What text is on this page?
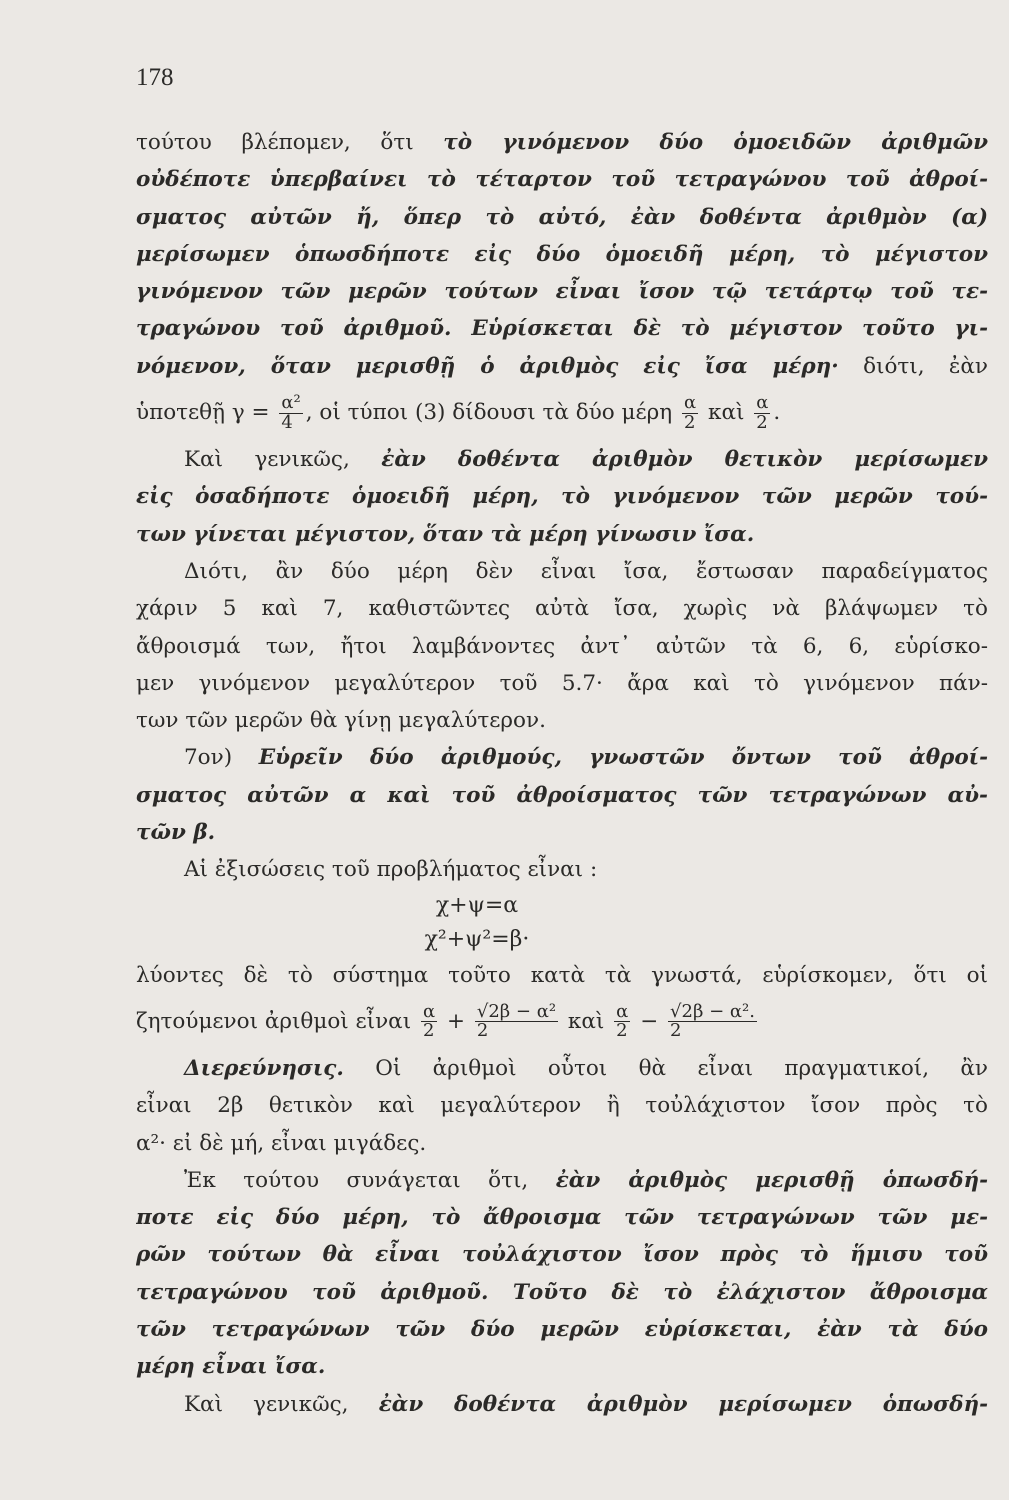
178
τούτου βλέπομεν, ὅτι τὸ γινόμενον δύο ὁμοειδῶν ἀριθμῶν
οὐδέποτε ὑπερβαίνει τὸ τέταρτον τοῦ τετραγώνου τοῦ ἀθροί-
σματος αὐτῶν ἤ, ὅπερ τὸ αὐτό, ἐὰν δοθέντα ἀριθμὸν (α)
μερίσωμεν ὁπωσδήποτε εἰς δύο ὁμοειδῆ μέρη, τὸ μέγιστον
γινόμενον τῶν μερῶν τούτων εἶναι ἴσον τῷ τετάρτῳ τοῦ τε-
τραγώνου τοῦ ἀριθμοῦ. Εὑρίσκεται δὲ τὸ μέγιστον τοῦτο γι-
νόμενον, ὅταν μερισθῇ ὁ ἀριθμὸς εἰς ἴσα μέρη· διότι, ἐὰν
ὑποτεθῇ $\gamma = \frac{\text{α²}}{4}$ , οἱ τύποι (3) δίδουσι τὰ δύο μέρη $\frac{\alpha}{2}$ καὶ $\frac{\alpha}{2}$ .
Καὶ γενικῶς, ἐὰν δοθέντα ἀριθμὸν θετικὸν μερίσωμεν
εἰς ὁσαδήποτε ὁμοειδῆ μέρη, τὸ γινόμενον τῶν μερῶν τού-
των γίνεται μέγιστον, ὅταν τὰ μέρη γίνωσιν ἴσα.
Διότι, ἂν δύο μέρη δὲν εἶναι ἴσα, ἔστωσαν παραδείγματος
χάριν 5 καὶ 7, καθιστῶντες αὐτὰ ἴσα, χωρὶς νὰ βλάψωμεν τὸ
ἄθροισμά των, ἤτοι λαμβάνοντες ἀντ᾽ αὐτῶν τὰ 6, 6, εὑρίσκο-
μεν γινόμενον μεγαλύτερον τοῦ 5.7· ἄρα καὶ τὸ γινόμενον πάν-
των τῶν μερῶν θὰ γίνῃ μεγαλύτερον.
7ον) Εὑρεῖν δύο ἀριθμούς, γνωστῶν ὄντων τοῦ ἀθροί-
σματος αὐτῶν α καὶ τοῦ ἀθροίσματος τῶν τετραγώνων αὐ-
τῶν β.
Αἱ ἐξισώσεις τοῦ προβλήματος εἶναι :
χ+ψ=α
χ²+ψ²=β·
λύοντες δὲ τὸ σύστημα τοῦτο κατὰ τὰ γνωστά, εὑρίσκομεν, ὅτι οἱ
ζητούμενοι ἀριθμοὶ εἶναι $\frac{\alpha}{2} + \frac{\text{√2β − α²}}{2}$ καὶ $\frac{\alpha}{2} - \frac{\text{√2β − α².}}{2}$
Διερεύνησις. Οἱ ἀριθμοὶ οὗτοι θὰ εἶναι πραγματικοί, ἂν
εἶναι 2β θετικὸν καὶ μεγαλύτερον ἢ τοὐλάχιστον ἴσον πρὸς τὸ
α²· εἰ δὲ μή, εἶναι μιγάδες.
Ἐκ τούτου συνάγεται ὅτι, ἐὰν ἀριθμὸς μερισθῇ ὁπωσδή-
ποτε εἰς δύο μέρη, τὸ ἄθροισμα τῶν τετραγώνων τῶν με-
ρῶν τούτων θὰ εἶναι τοὐλάχιστον ἴσον πρὸς τὸ ἥμισυ τοῦ
τετραγώνου τοῦ ἀριθμοῦ. Τοῦτο δὲ τὸ ἐλάχιστον ἄθροισμα
τῶν τετραγώνων τῶν δύο μερῶν εὑρίσκεται, ἐὰν τὰ δύο
μέρη εἶναι ἴσα.
Καὶ γενικῶς, ἐὰν δοθέντα ἀριθμὸν μερίσωμεν ὁπωσδή-
